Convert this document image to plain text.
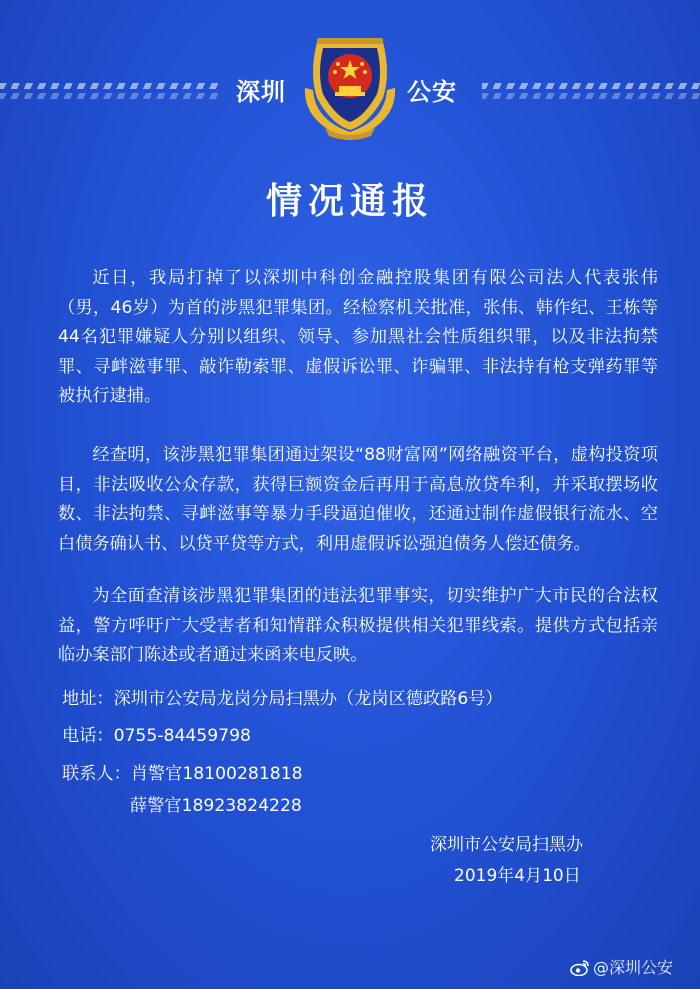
深圳	公安
情况通报

近日，我局打掉了以深圳中科创金融控股集团有限公司法人代表张伟（男，46岁）为首的涉黑犯罪集团。经检察机关批准，张伟、韩作纪、王栋等44名犯罪嫌疑人分别以组织、领导、参加黑社会性质组织罪，以及非法拘禁罪、寻衅滋事罪、敲诈勒索罪、虚假诉讼罪、诈骗罪、非法持有枪支弹药罪等被执行逮捕。

经查明，该涉黑犯罪集团通过架设“88财富网”网络融资平台，虚构投资项目，非法吸收公众存款，获得巨额资金后再用于高息放贷牟利，并采取摆场收数、非法拘禁、寻衅滋事等暴力手段逼迫催收，还通过制作虚假银行流水、空白债务确认书、以贷平贷等方式，利用虚假诉讼强迫债务人偿还债务。

为全面查清该涉黑犯罪集团的违法犯罪事实，切实维护广大市民的合法权益，警方呼吁广大受害者和知情群众积极提供相关犯罪线索。提供方式包括亲临办案部门陈述或者通过来函来电反映。

地址：深圳市公安局龙岗分局扫黑办（龙岗区德政路6号）
电话：0755-84459798
联系人：肖警官18100281818
薛警官18923824228
深圳市公安局扫黑办
2019年4月10日
@深圳公安
